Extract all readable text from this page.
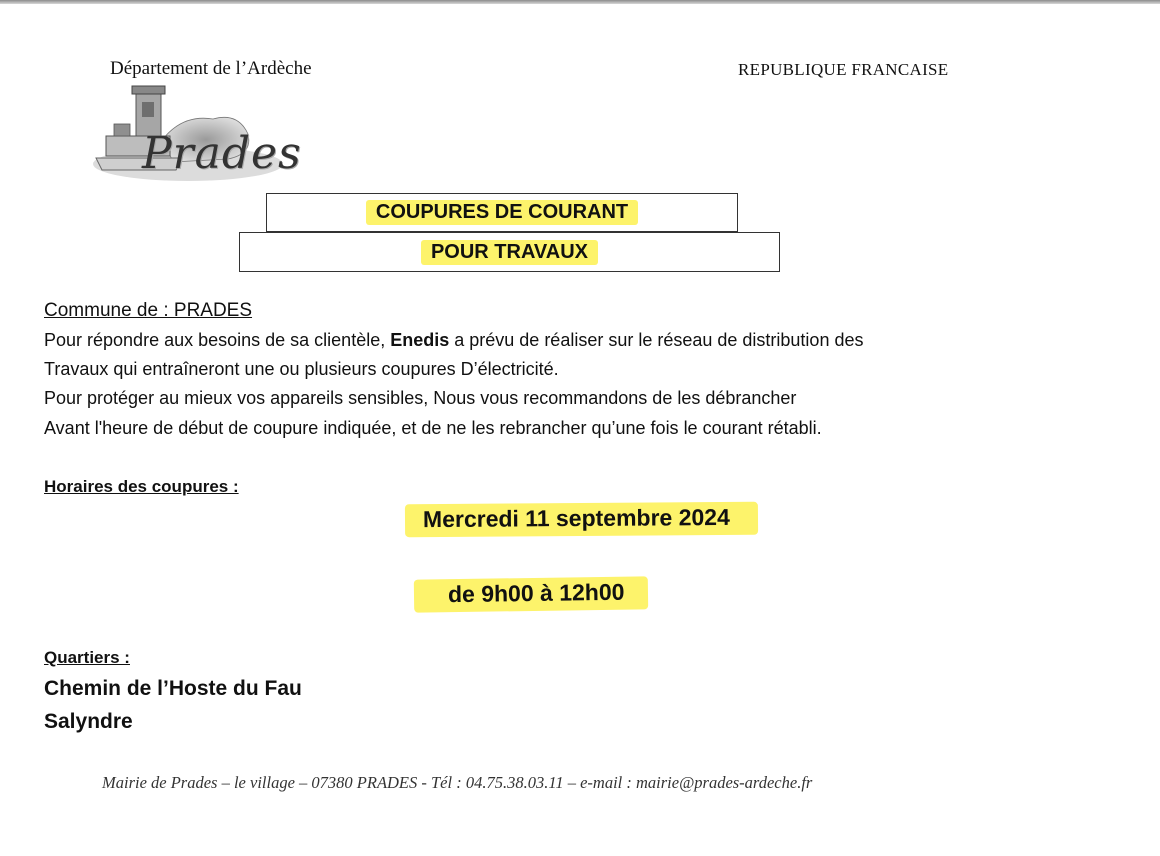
Département de l’Ardèche	REPUBLIQUE FRANCAISE
Prades
COUPURES DE COURANT
POUR TRAVAUX
Commune de : PRADES
Pour répondre aux besoins de sa clientèle, Enedis a prévu de réaliser sur le réseau de distribution des
Travaux qui entraîneront une ou plusieurs coupures D’électricité.
Pour protéger au mieux vos appareils sensibles, Nous vous recommandons de les débrancher
Avant l'heure de début de coupure indiquée, et de ne les rebrancher qu’une fois le courant rétabli.
Horaires des coupures :
Mercredi 11 septembre 2024
de 9h00 à 12h00
Quartiers :
Chemin de l’Hoste du Fau
Salyndre
Mairie de Prades – le village – 07380 PRADES - Tél : 04.75.38.03.11 – e-mail : mairie@prades-ardeche.fr
